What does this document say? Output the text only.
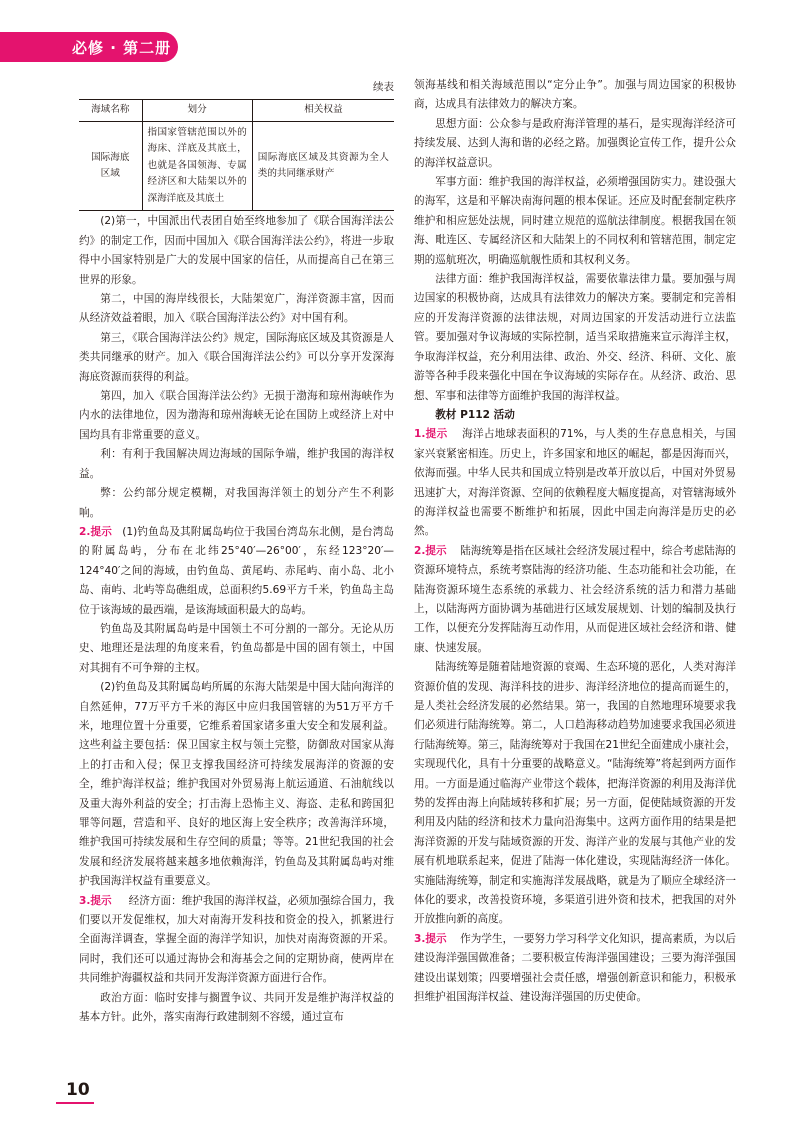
必修 · 第二册
续表
海域名称	划分	相关权益
国际海底区域	指国家管辖范围以外的海床、洋底及其底土，也就是各国领海、专属经济区和大陆架以外的深海洋底及其底土	国际海底区域及其资源为全人类的共同继承财产

(2)第一，中国派出代表团自始至终地参加了《联合国海洋法公约》的制定工作，因而中国加入《联合国海洋法公约》，将进一步取得中小国家特别是广大的发展中国家的信任，从而提高自己在第三世界的形象。

第二，中国的海岸线很长，大陆架宽广，海洋资源丰富，因而从经济效益着眼，加入《联合国海洋法公约》对中国有利。

第三，《联合国海洋法公约》规定，国际海底区域及其资源是人类共同继承的财产。加入《联合国海洋法公约》可以分享开发深海海底资源而获得的利益。

第四，加入《联合国海洋法公约》无损于渤海和琼州海峡作为内水的法律地位，因为渤海和琼州海峡无论在国防上或经济上对中国均具有非常重要的意义。

利：有利于我国解决周边海域的国际争端，维护我国的海洋权益。

弊：公约部分规定模糊，对我国海洋领土的划分产生不利影响。

2.提示 (1)钓鱼岛及其附属岛屿位于我国台湾岛东北侧，是台湾岛的附属岛屿，分布在北纬25°40′—26°00′，东经123°20′—124°40′之间的海域，由钓鱼岛、黄尾屿、赤尾屿、南小岛、北小岛、南屿、北屿等岛礁组成，总面积约5.69平方千米，钓鱼岛主岛位于该海域的最西端，是该海域面积最大的岛屿。

钓鱼岛及其附属岛屿是中国领土不可分割的一部分。无论从历史、地理还是法理的角度来看，钓鱼岛都是中国的固有领土，中国对其拥有不可争辩的主权。

(2)钓鱼岛及其附属岛屿所属的东海大陆架是中国大陆向海洋的自然延伸，77万平方千米的海区中应归我国管辖的为51万平方千米，地理位置十分重要，它维系着国家诸多重大安全和发展利益。这些利益主要包括：保卫国家主权与领土完整，防御敌对国家从海上的打击和入侵；保卫支撑我国经济可持续发展海洋的资源的安全，维护海洋权益；维护我国对外贸易海上航运通道、石油航线以及重大海外利益的安全；打击海上恐怖主义、海盗、走私和跨国犯罪等问题，营造和平、良好的地区海上安全秩序；改善海洋环境，维护我国可持续发展和生存空间的质量；等等。21世纪我国的社会发展和经济发展将越来越多地依赖海洋，钓鱼岛及其附属岛屿对维护我国海洋权益有重要意义。

3.提示 经济方面：维护我国的海洋权益，必须加强综合国力，我们要以开发促维权，加大对南海开发科技和资金的投入，抓紧进行全面海洋调查，掌握全面的海洋学知识，加快对南海资源的开采。同时，我们还可以通过海协会和海基会之间的定期协商，使两岸在共同维护海疆权益和共同开发海洋资源方面进行合作。

政治方面：临时安排与搁置争议、共同开发是维护海洋权益的基本方针。此外，落实南海行政建制刻不容缓，通过宣布

领海基线和相关海域范围以“定分止争”。加强与周边国家的积极协商，达成具有法律效力的解决方案。

思想方面：公众参与是政府海洋管理的基石，是实现海洋经济可持续发展、达到人海和谐的必经之路。加强舆论宣传工作，提升公众的海洋权益意识。

军事方面：维护我国的海洋权益，必须增强国防实力。建设强大的海军，这是和平解决南海问题的根本保证。还应及时配套制定秩序维护和相应惩处法规，同时建立规范的巡航法律制度。根据我国在领海、毗连区、专属经济区和大陆架上的不同权利和管辖范围，制定定期的巡航班次，明确巡航舰性质和其权利义务。

法律方面：维护我国海洋权益，需要依靠法律力量。要加强与周边国家的积极协商，达成具有法律效力的解决方案。要制定和完善相应的开发海洋资源的法律法规，对周边国家的开发活动进行立法监管。要加强对争议海域的实际控制，适当采取措施来宣示海洋主权，争取海洋权益，充分利用法律、政治、外交、经济、科研、文化、旅游等各种手段来强化中国在争议海域的实际存在。从经济、政治、思想、军事和法律等方面维护我国的海洋权益。

教材 P112 活动

1.提示 海洋占地球表面积的71%，与人类的生存息息相关，与国家兴衰紧密相连。历史上，许多国家和地区的崛起，都是因海而兴，依海而强。中华人民共和国成立特别是改革开放以后，中国对外贸易迅速扩大，对海洋资源、空间的依赖程度大幅度提高，对管辖海域外的海洋权益也需要不断维护和拓展，因此中国走向海洋是历史的必然。

2.提示 陆海统筹是指在区域社会经济发展过程中，综合考虑陆海的资源环境特点，系统考察陆海的经济功能、生态功能和社会功能，在陆海资源环境生态系统的承载力、社会经济系统的活力和潜力基础上，以陆海两方面协调为基础进行区域发展规划、计划的编制及执行工作，以便充分发挥陆海互动作用，从而促进区域社会经济和谐、健康、快速发展。

陆海统筹是随着陆地资源的衰竭、生态环境的恶化，人类对海洋资源价值的发现、海洋科技的进步、海洋经济地位的提高而诞生的，是人类社会经济发展的必然结果。第一，我国的自然地理环境要求我们必须进行陆海统筹。第二，人口趋海移动趋势加速要求我国必须进行陆海统筹。第三，陆海统筹对于我国在21世纪全面建成小康社会，实现现代化，具有十分重要的战略意义。“陆海统筹”将起到两方面作用。一方面是通过临海产业带这个载体，把海洋资源的利用及海洋优势的发挥由海上向陆域转移和扩展；另一方面，促使陆域资源的开发利用及内陆的经济和技术力量向沿海集中。这两方面作用的结果是把海洋资源的开发与陆域资源的开发、海洋产业的发展与其他产业的发展有机地联系起来，促进了陆海一体化建设，实现陆海经济一体化。实施陆海统筹，制定和实施海洋发展战略，就是为了顺应全球经济一体化的要求，改善投资环境，多渠道引进外资和技术，把我国的对外开放推向新的高度。

3.提示 作为学生，一要努力学习科学文化知识，提高素质，为以后建设海洋强国做准备；二要积极宣传海洋强国建设；三要为海洋强国建设出谋划策；四要增强社会责任感，增强创新意识和能力，积极承担维护祖国海洋权益、建设海洋强国的历史使命。

10
